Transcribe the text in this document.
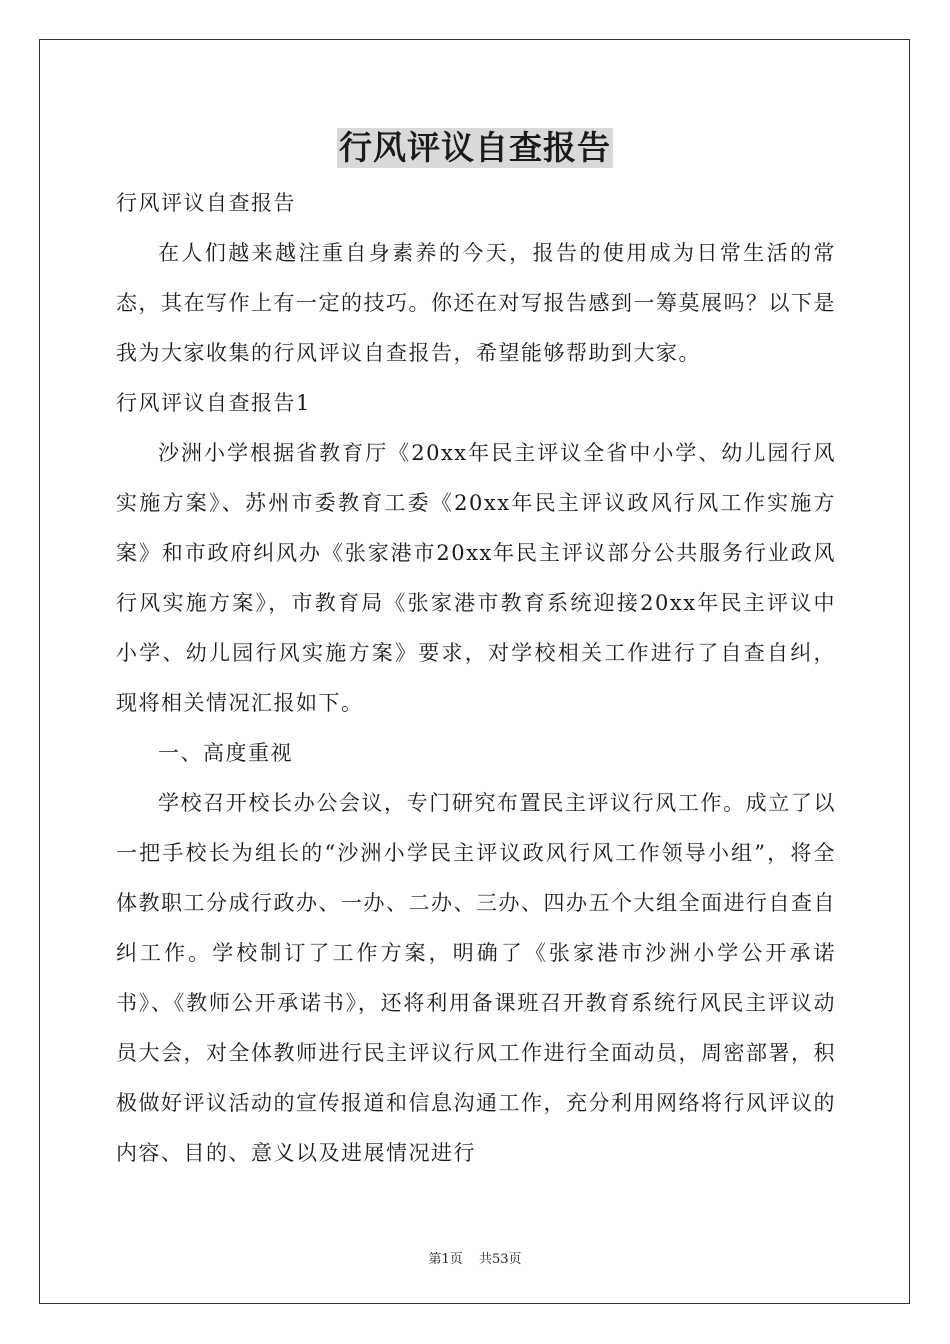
行风评议自查报告

行风评议自查报告

在人们越来越注重自身素养的今天，报告的使用成为日常生活的常态，其在写作上有一定的技巧。你还在对写报告感到一筹莫展吗？以下是我为大家收集的行风评议自查报告，希望能够帮助到大家。

行风评议自查报告1

沙洲小学根据省教育厅《20xx年民主评议全省中小学、幼儿园行风实施方案》、苏州市委教育工委《20xx年民主评议政风行风工作实施方案》和市政府纠风办《张家港市20xx年民主评议部分公共服务行业政风行风实施方案》，市教育局《张家港市教育系统迎接20xx年民主评议中小学、幼儿园行风实施方案》要求，对学校相关工作进行了自查自纠， 现将相关情况汇报如下。

一、高度重视

学校召开校长办公会议，专门研究布置民主评议行风工作。成立了以一把手校长为组长的“沙洲小学民主评议政风行风工作领导小组”，将全体教职工分成行政办、一办、二办、三办、四办五个大组全面进行自查自纠工作。学校制订了工作方案，明确了《张家港市沙洲小学公开承诺书》、《教师公开承诺书》，还将利用备课班召开教育系统行风民主评议动员大会，对全体教师进行民主评议行风工作进行全面动员，周密部署，积极做好评议活动的宣传报道和信息沟通工作，充分利用网络将行风评议的内容、目的、意义以及进展情况进行

第1页 共53页
